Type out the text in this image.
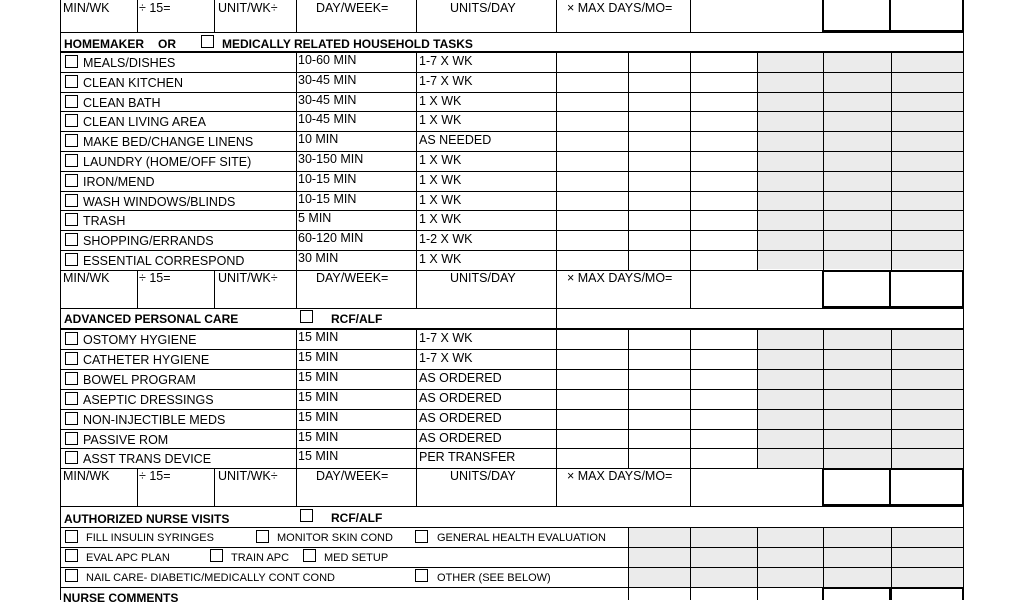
MIN/WK ÷ 15=	UNIT/WK÷	DAY/WEEK=	UNITS/DAY	× MAX DAYS/MO=
HOMEMAKER OR	MEDICALLY RELATED HOUSEHOLD TASKS
MEALS/DISHES	10-60 MIN	1-7 X WK
CLEAN KITCHEN	30-45 MIN	1-7 X WK
CLEAN BATH	30-45 MIN	1 X WK
CLEAN LIVING AREA	10-45 MIN	1 X WK
MAKE BED/CHANGE LINENS	10 MIN	AS NEEDED
LAUNDRY (HOME/OFF SITE)	30-150 MIN	1 X WK
IRON/MEND	10-15 MIN	1 X WK
WASH WINDOWS/BLINDS	10-15 MIN	1 X WK
TRASH	5 MIN	1 X WK
SHOPPING/ERRANDS	60-120 MIN	1-2 X WK
ESSENTIAL CORRESPOND	30 MIN	1 X WK
MIN/WK ÷ 15=	UNIT/WK÷	DAY/WEEK=	UNITS/DAY	× MAX DAYS/MO=
ADVANCED PERSONAL CARE	RCF/ALF
OSTOMY HYGIENE	15 MIN	1-7 X WK
CATHETER HYGIENE	15 MIN	1-7 X WK
BOWEL PROGRAM	15 MIN	AS ORDERED
ASEPTIC DRESSINGS	15 MIN	AS ORDERED
NON-INJECTIBLE MEDS	15 MIN	AS ORDERED
PASSIVE ROM	15 MIN	AS ORDERED
ASST TRANS DEVICE	15 MIN	PER TRANSFER
MIN/WK ÷ 15=	UNIT/WK÷	DAY/WEEK=	UNITS/DAY	× MAX DAYS/MO=
AUTHORIZED NURSE VISITS	RCF/ALF
FILL INSULIN SYRINGES	MONITOR SKIN COND	GENERAL HEALTH EVALUATION
EVAL APC PLAN	TRAIN APC	MED SETUP
NAIL CARE- DIABETIC/MEDICALLY CONT COND	OTHER (SEE BELOW)
NURSE COMMENTS
